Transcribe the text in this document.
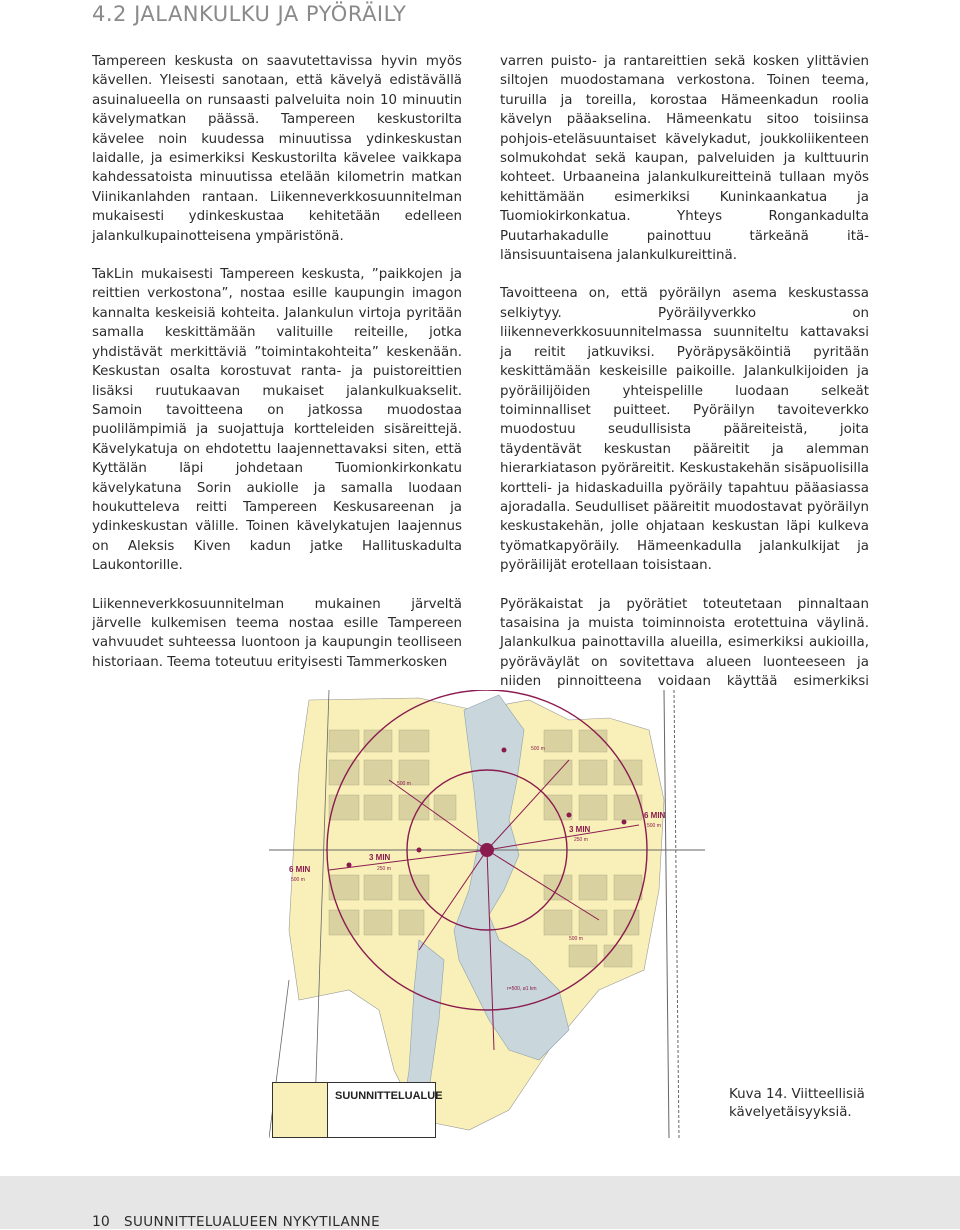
4.2 JALANKULKU JA PYÖRÄILY

Tampereen keskusta on saavutettavissa hyvin myös kävellen. Yleisesti sanotaan, että kävelyä edistävällä asuinalueella on runsaasti palveluita noin 10 minuutin kävelymatkan päässä. Tampereen keskustorilta kävelee noin kuudessa minuutissa ydinkeskustan laidalle, ja esimerkiksi Keskustorilta kävelee vaikkapa kahdessatoista minuutissa etelään kilometrin matkan Viinikanlahden rantaan. Liikenneverkkosuunnitelman mukaisesti ydinkeskustaa kehitetään edelleen jalankulkupainotteisena ympäristönä.

TakLin mukaisesti Tampereen keskusta, ”paikkojen ja reittien verkostona”, nostaa esille kaupungin imagon kannalta keskeisiä kohteita. Jalankulun virtoja pyritään samalla keskittämään valituille reiteille, jotka yhdistävät merkittäviä ”toimintakohteita” keskenään. Keskustan osalta korostuvat ranta- ja puistoreittien lisäksi ruutukaavan mukaiset jalankulkuakselit. Samoin tavoitteena on jatkossa muodostaa puolilämpimiä ja suojattuja kortteleiden sisäreittejä. Kävelykatuja on ehdotettu laajennettavaksi siten, että Kyttälän läpi johdetaan Tuomionkirkonkatu kävelykatuna Sorin aukiolle ja samalla luodaan houkutteleva reitti Tampereen Keskusareenan ja ydinkeskustan välille. Toinen kävelykatujen laajennus on Aleksis Kiven kadun jatke Hallituskadulta Laukontorille.

Liikenneverkkosuunnitelman mukainen järveltä järvelle kulkemisen teema nostaa esille Tampereen vahvuudet suhteessa luontoon ja kaupungin teolliseen historiaan. Teema toteutuu erityisesti Tammerkosken

varren puisto- ja rantareittien sekä kosken ylittävien siltojen muodostamana verkostona. Toinen teema, turuilla ja toreilla, korostaa Hämeenkadun roolia kävelyn pääakselina. Hämeenkatu sitoo toisiinsa pohjois-eteläsuuntaiset kävelykadut, joukkoliikenteen solmukohdat sekä kaupan, palveluiden ja kulttuurin kohteet. Urbaaneina jalankulkureitteinä tullaan myös kehittämään esimerkiksi Kuninkaankatua ja Tuomiokirkonkatua. Yhteys Rongankadulta Puutarhakadulle painottuu tärkeänä itä-länsisuuntaisena jalankulkureittinä.

Tavoitteena on, että pyöräilyn asema keskustassa selkiytyy. Pyöräilyverkko on liikenneverkkosuunnitelmassa suunniteltu kattavaksi ja reitit jatkuviksi. Pyöräpysäköintiä pyritään keskittämään keskeisille paikoille. Jalankulkijoiden ja pyöräilijöiden yhteispelille luodaan selkeät toiminnalliset puitteet. Pyöräilyn tavoiteverkko muodostuu seudullisista pääreiteistä, joita täydentävät keskustan pääreitit ja alemman hierarkiatason pyöräreitit. Keskustakehän sisäpuolisilla kortteli- ja hidaskaduilla pyöräily tapahtuu pääasiassa ajoradalla. Seudulliset pääreitit muodostavat pyöräilyn keskustakehän, jolle ohjataan keskustan läpi kulkeva työmatkapyöräily. Hämeenkadulla jalankulkijat ja pyöräilijät erotellaan toisistaan.

Pyöräkaistat ja pyörätiet toteutetaan pinnaltaan tasaisina ja muista toiminnoista erotettuina väylinä. Jalankulkua painottavilla alueilla, esimerkiksi aukioilla, pyöräväylät on sovitettava alueen luonteeseen ja niiden pinnoitteena voidaan käyttää esimerkiksi

3 MIN
6 MIN
3 MIN
6 MIN
250 m
500 m
500 m
500 m
250 m
500 m
500 m
r=500, ø1 km
SUUNNITTELUALUE	Kuva 14. Viitteellisiä kävelyetäisyyksiä.
10 SUUNNITTELUALUEEN NYKYTILANNE
